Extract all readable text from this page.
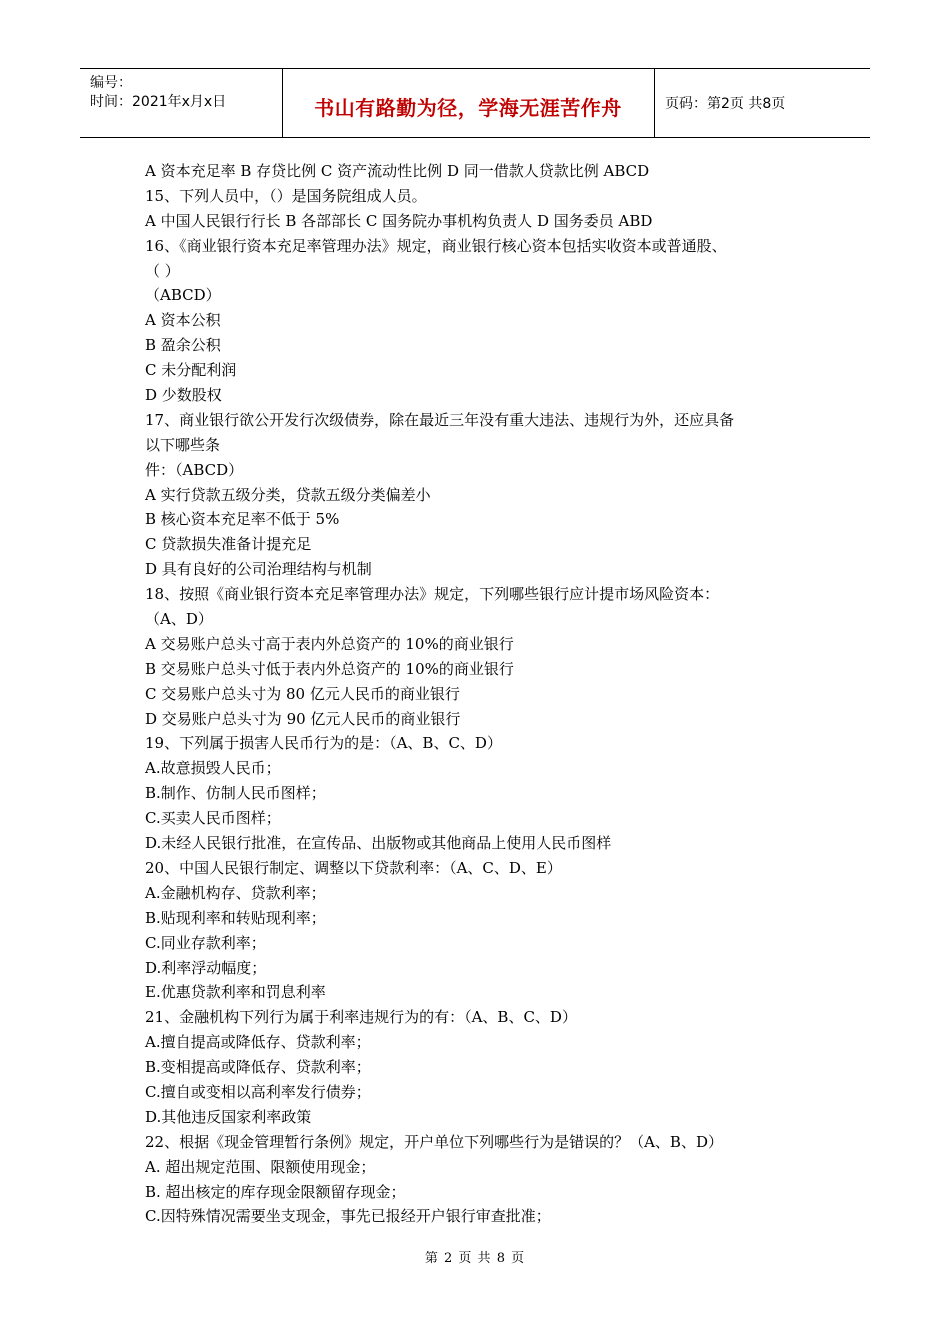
编号：
时间：2021年x月x日	书山有路勤为径，学海无涯苦作舟	页码：第2页 共8页
A 资本充足率 B 存贷比例 C 资产流动性比例 D 同一借款人贷款比例 ABCD
15、下列人员中，（）是国务院组成人员。
A 中国人民银行行长 B 各部部长 C 国务院办事机构负责人 D 国务委员 ABD
16、《商业银行资本充足率管理办法》规定，商业银行核心资本包括实收资本或普通股、
（ ）
（ABCD）
A 资本公积
B 盈余公积
C 未分配利润
D 少数股权
17、商业银行欲公开发行次级债券，除在最近三年没有重大违法、违规行为外，还应具备
以下哪些条
件：（ABCD）
A 实行贷款五级分类，贷款五级分类偏差小
B 核心资本充足率不低于 5%
C 贷款损失准备计提充足
D 具有良好的公司治理结构与机制
18、按照《商业银行资本充足率管理办法》规定，下列哪些银行应计提市场风险资本：
（A、D）
A 交易账户总头寸高于表内外总资产的 10%的商业银行
B 交易账户总头寸低于表内外总资产的 10%的商业银行
C 交易账户总头寸为 80 亿元人民币的商业银行
D 交易账户总头寸为 90 亿元人民币的商业银行
19、下列属于损害人民币行为的是：（A、B、C、D）
A.故意损毁人民币；
B.制作、仿制人民币图样；
C.买卖人民币图样；
D.未经人民银行批准，在宣传品、出版物或其他商品上使用人民币图样
20、中国人民银行制定、调整以下贷款利率：（A、C、D、E）
A.金融机构存、贷款利率；
B.贴现利率和转贴现利率；
C.同业存款利率；
D.利率浮动幅度；
E.优惠贷款利率和罚息利率
21、金融机构下列行为属于利率违规行为的有：（A、B、C、D）
A.擅自提高或降低存、贷款利率；
B.变相提高或降低存、贷款利率；
C.擅自或变相以高利率发行债券；
D.其他违反国家利率政策
22、根据《现金管理暂行条例》规定，开户单位下列哪些行为是错误的？（A、B、D）
A. 超出规定范围、限额使用现金；
B. 超出核定的库存现金限额留存现金；
C.因特殊情况需要坐支现金，事先已报经开户银行审查批准；
第 2 页 共 8 页
